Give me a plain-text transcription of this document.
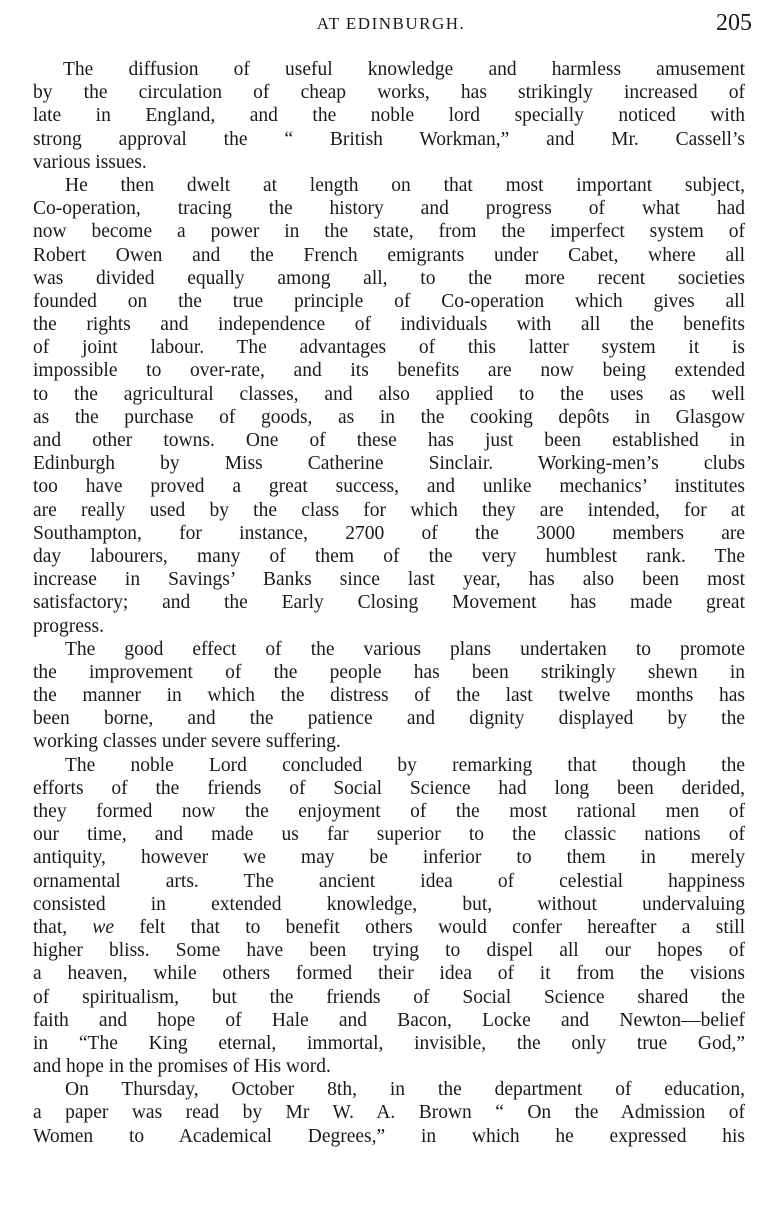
AT EDINBURGH.	205
The diffusion of useful knowledge and harmless amusement
by the circulation of cheap works, has strikingly increased of
late in England, and the noble lord specially noticed with
strong approval the “ British Workman,” and Mr. Cassell’s
various issues.
He then dwelt at length on that most important subject,
Co-operation, tracing the history and progress of what had
now become a power in the state, from the imperfect system of
Robert Owen and the French emigrants under Cabet, where all
was divided equally among all, to the more recent societies
founded on the true principle of Co-operation which gives all
the rights and independence of individuals with all the benefits
of joint labour. The advantages of this latter system it is
impossible to over-rate, and its benefits are now being extended
to the agricultural classes, and also applied to the uses as well
as the purchase of goods, as in the cooking depôts in Glasgow
and other towns. One of these has just been established in
Edinburgh by Miss Catherine Sinclair. Working-men’s clubs
too have proved a great success, and unlike mechanics’ institutes
are really used by the class for which they are intended, for at
Southampton, for instance, 2700 of the 3000 members are
day labourers, many of them of the very humblest rank. The
increase in Savings’ Banks since last year, has also been most
satisfactory; and the Early Closing Movement has made great
progress.
The good effect of the various plans undertaken to promote
the improvement of the people has been strikingly shewn in
the manner in which the distress of the last twelve months has
been borne, and the patience and dignity displayed by the
working classes under severe suffering.
The noble Lord concluded by remarking that though the
efforts of the friends of Social Science had long been derided,
they formed now the enjoyment of the most rational men of
our time, and made us far superior to the classic nations of
antiquity, however we may be inferior to them in merely
ornamental arts. The ancient idea of celestial happiness
consisted in extended knowledge, but, without undervaluing
that, we felt that to benefit others would confer hereafter a still
higher bliss. Some have been trying to dispel all our hopes of
a heaven, while others formed their idea of it from the visions
of spiritualism, but the friends of Social Science shared the
faith and hope of Hale and Bacon, Locke and Newton—belief
in “The King eternal, immortal, invisible, the only true God,”
and hope in the promises of His word.
On Thursday, October 8th, in the department of education,
a paper was read by Mr W. A. Brown “ On the Admission of
Women to Academical Degrees,” in which he expressed his
